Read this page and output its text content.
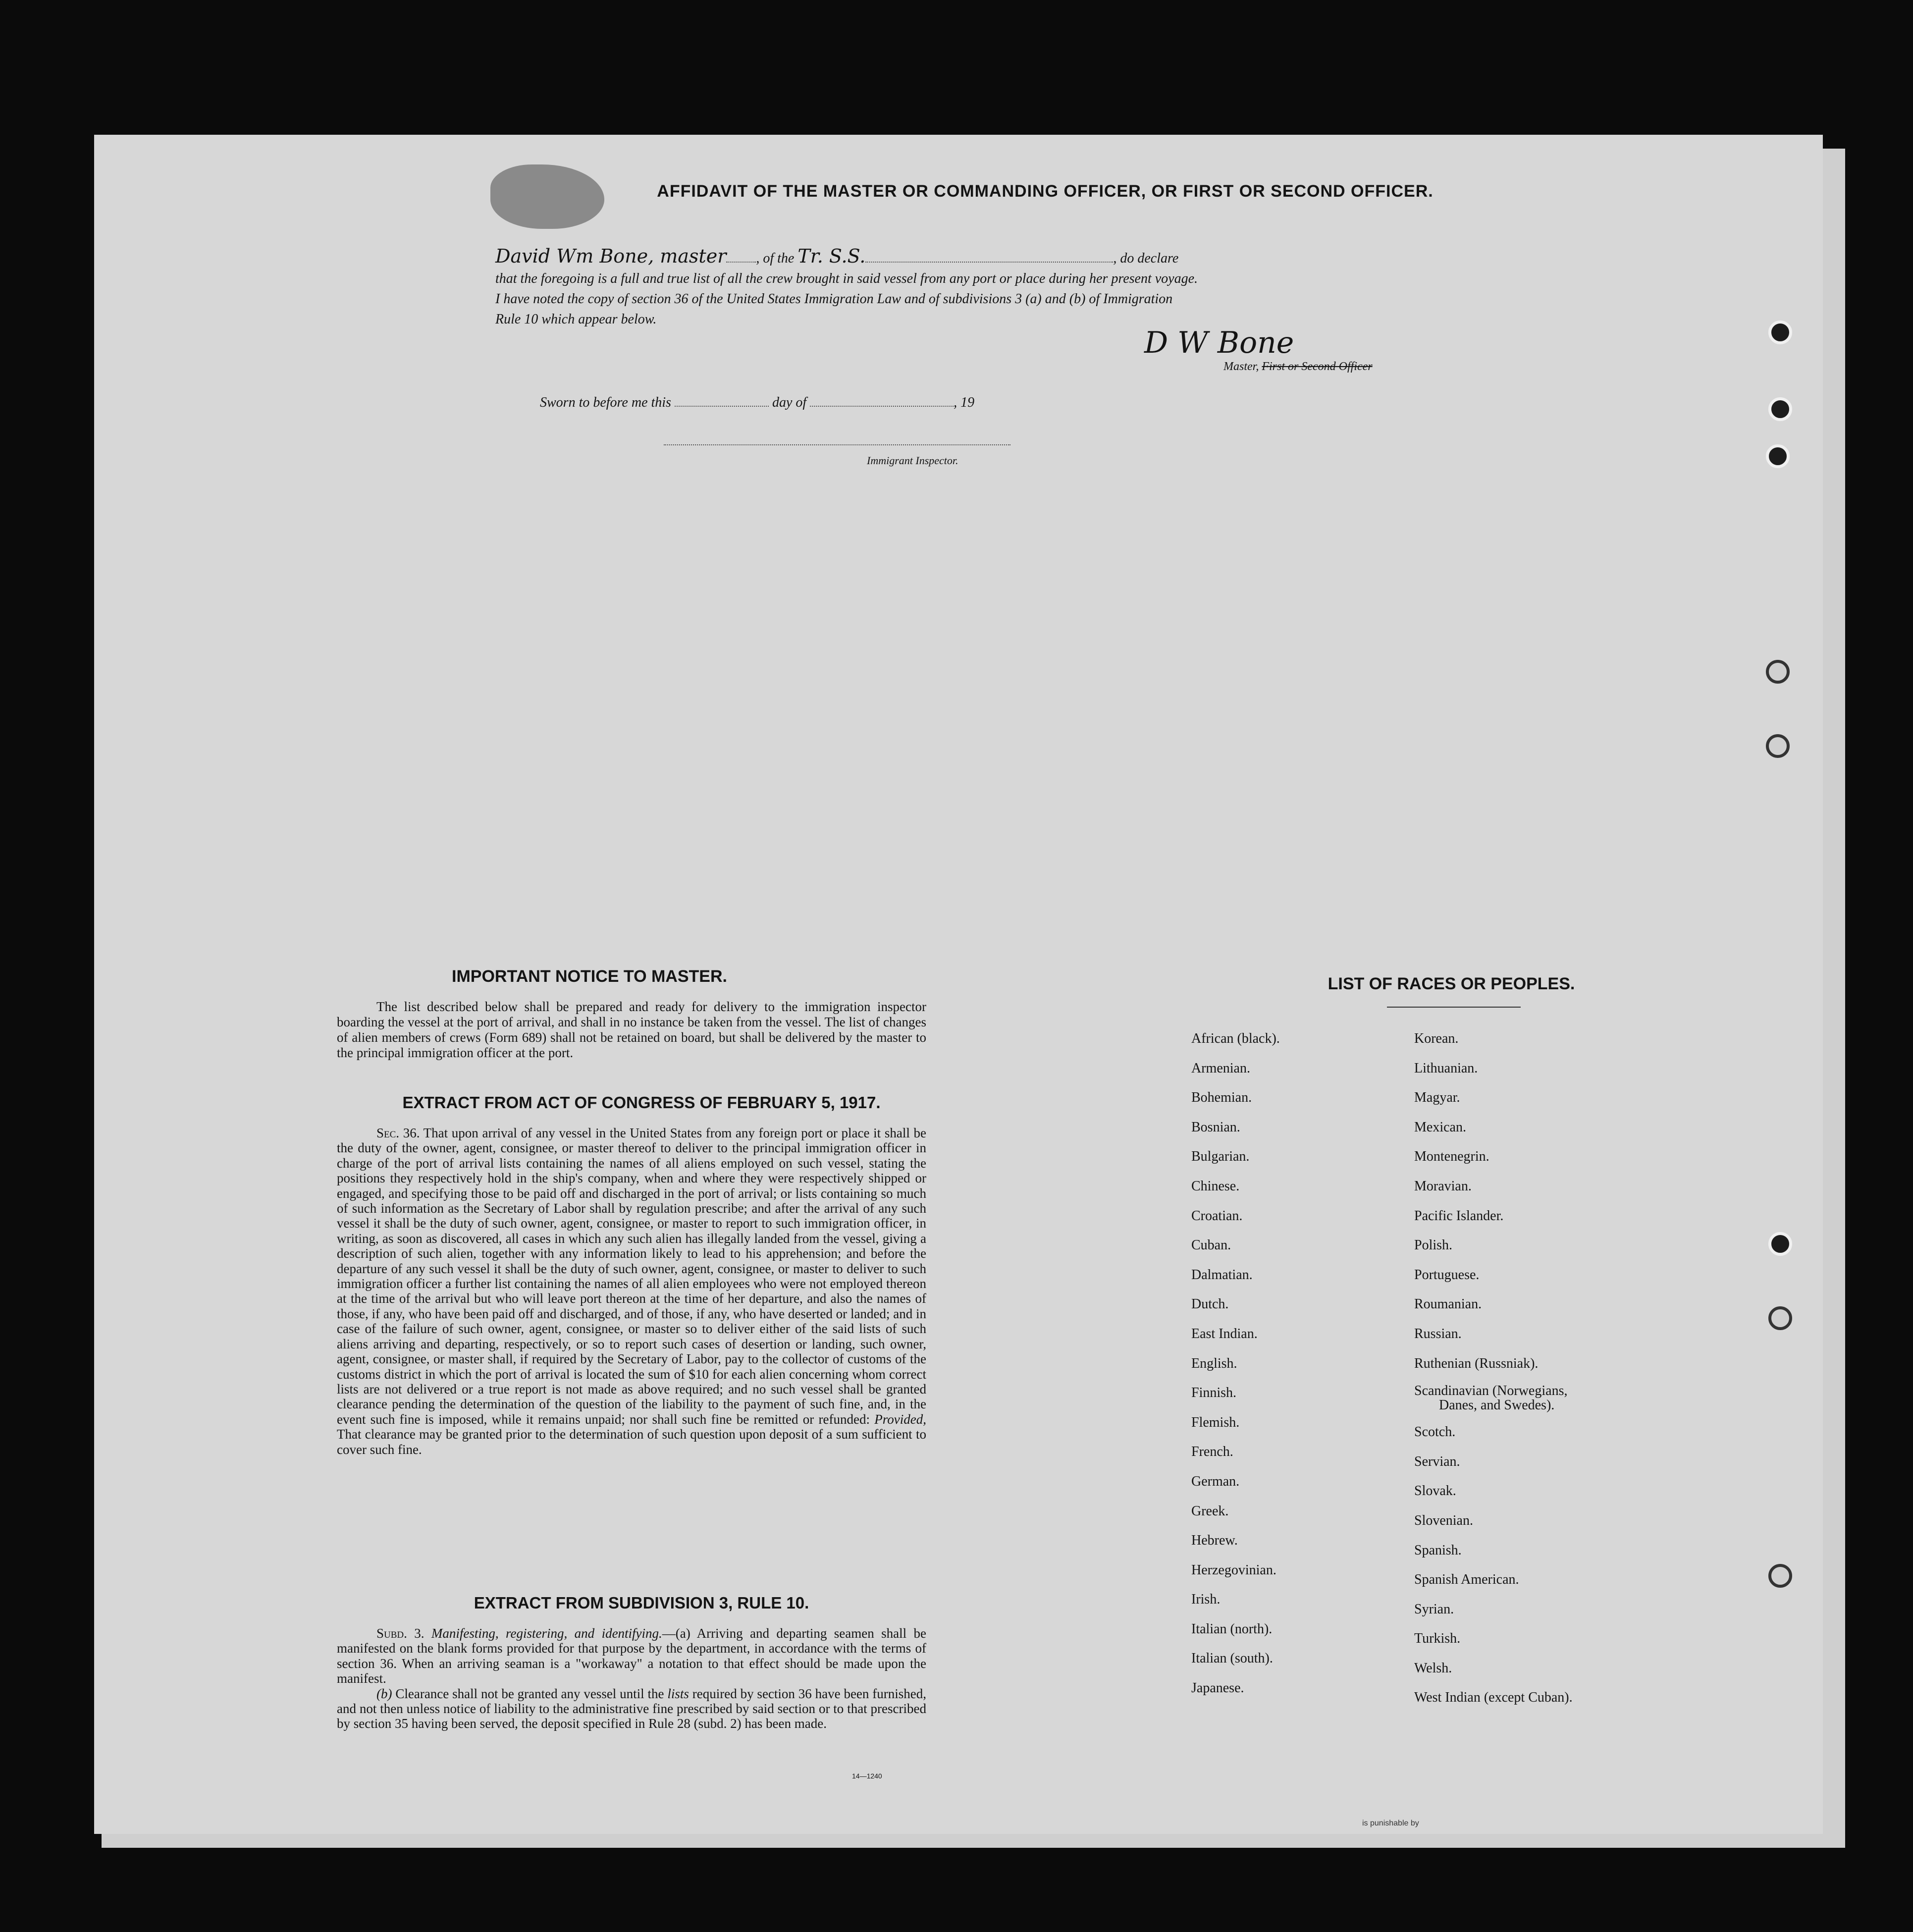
AFFIDAVIT OF THE MASTER OR COMMANDING OFFICER, OR FIRST OR SECOND OFFICER.
David Wm Bone, master , of the Tr. S.S.	, do declare
that the foregoing is a full and true list of all the crew brought in said vessel from any port or place during her present voyage.
I have noted the copy of section 36 of the United States Immigration Law and of subdivisions 3 (a) and (b) of Immigration
Rule 10 which appear below.
D W Bone
Master, First or Second Officer
Sworn to before me this	day of	, 19
Immigrant Inspector.
IMPORTANT NOTICE TO MASTER.
The list described below shall be prepared and ready for delivery to the immigration inspector boarding the vessel at the port of arrival, and shall in no instance be taken from the vessel. The list of changes of alien members of crews (Form 689) shall not be retained on board, but shall be delivered by the master to the principal immigration officer at the port.
EXTRACT FROM ACT OF CONGRESS OF FEBRUARY 5, 1917.
Sec. 36. That upon arrival of any vessel in the United States from any foreign port or place it shall be the duty of the owner, agent, consignee, or master thereof to deliver to the principal immigration officer in charge of the port of arrival lists containing the names of all aliens employed on such vessel, stating the positions they respectively hold in the ship's company, when and where they were respectively shipped or engaged, and specifying those to be paid off and discharged in the port of arrival; or lists containing so much of such information as the Secretary of Labor shall by regulation prescribe; and after the arrival of any such vessel it shall be the duty of such owner, agent, consignee, or master to report to such immigration officer, in writing, as soon as discovered, all cases in which any such alien has illegally landed from the vessel, giving a description of such alien, together with any information likely to lead to his apprehension; and before the departure of any such vessel it shall be the duty of such owner, agent, consignee, or master to deliver to such immigration officer a further list containing the names of all alien employees who were not employed thereon at the time of the arrival but who will leave port thereon at the time of her departure, and also the names of those, if any, who have been paid off and discharged, and of those, if any, who have deserted or landed; and in case of the failure of such owner, agent, consignee, or master so to deliver either of the said lists of such aliens arriving and departing, respectively, or so to report such cases of desertion or landing, such owner, agent, consignee, or master shall, if required by the Secretary of Labor, pay to the collector of customs of the customs district in which the port of arrival is located the sum of $10 for each alien concerning whom correct lists are not delivered or a true report is not made as above required; and no such vessel shall be granted clearance pending the determination of the question of the liability to the payment of such fine, and, in the event such fine is imposed, while it remains unpaid; nor shall such fine be remitted or refunded: Provided, That clearance may be granted prior to the determination of such question upon deposit of a sum sufficient to cover such fine.
EXTRACT FROM SUBDIVISION 3, RULE 10.

Subd. 3. Manifesting, registering, and identifying.—(a) Arriving and departing seamen shall be manifested on the blank forms provided for that purpose by the department, in accordance with the terms of section 36. When an arriving seaman is a "workaway" a notation to that effect should be made upon the manifest.

(b) Clearance shall not be granted any vessel until the lists required by section 36 have been furnished, and not then unless notice of liability to the administrative fine prescribed by said section or to that prescribed by section 35 having been served, the deposit specified in Rule 28 (subd. 2) has been made.

14—1240
LIST OF RACES OR PEOPLES.
African (black).
Armenian.
Bohemian.
Bosnian.
Bulgarian.
Chinese.
Croatian.
Cuban.
Dalmatian.
Dutch.
East Indian.
English.
Finnish.
Flemish.
French.
German.
Greek.
Hebrew.
Herzegovinian.
Irish.
Italian (north).
Italian (south).
Japanese.
Korean.
Lithuanian.
Magyar.
Mexican.
Montenegrin.
Moravian.
Pacific Islander.
Polish.
Portuguese.
Roumanian.
Russian.
Ruthenian (Russniak).
Scandinavian (Norwegians,
Danes, and Swedes).
Scotch.
Servian.
Slovak.
Slovenian.
Spanish.
Spanish American.
Syrian.
Turkish.
Welsh.
West Indian (except Cuban).
is punishable by
